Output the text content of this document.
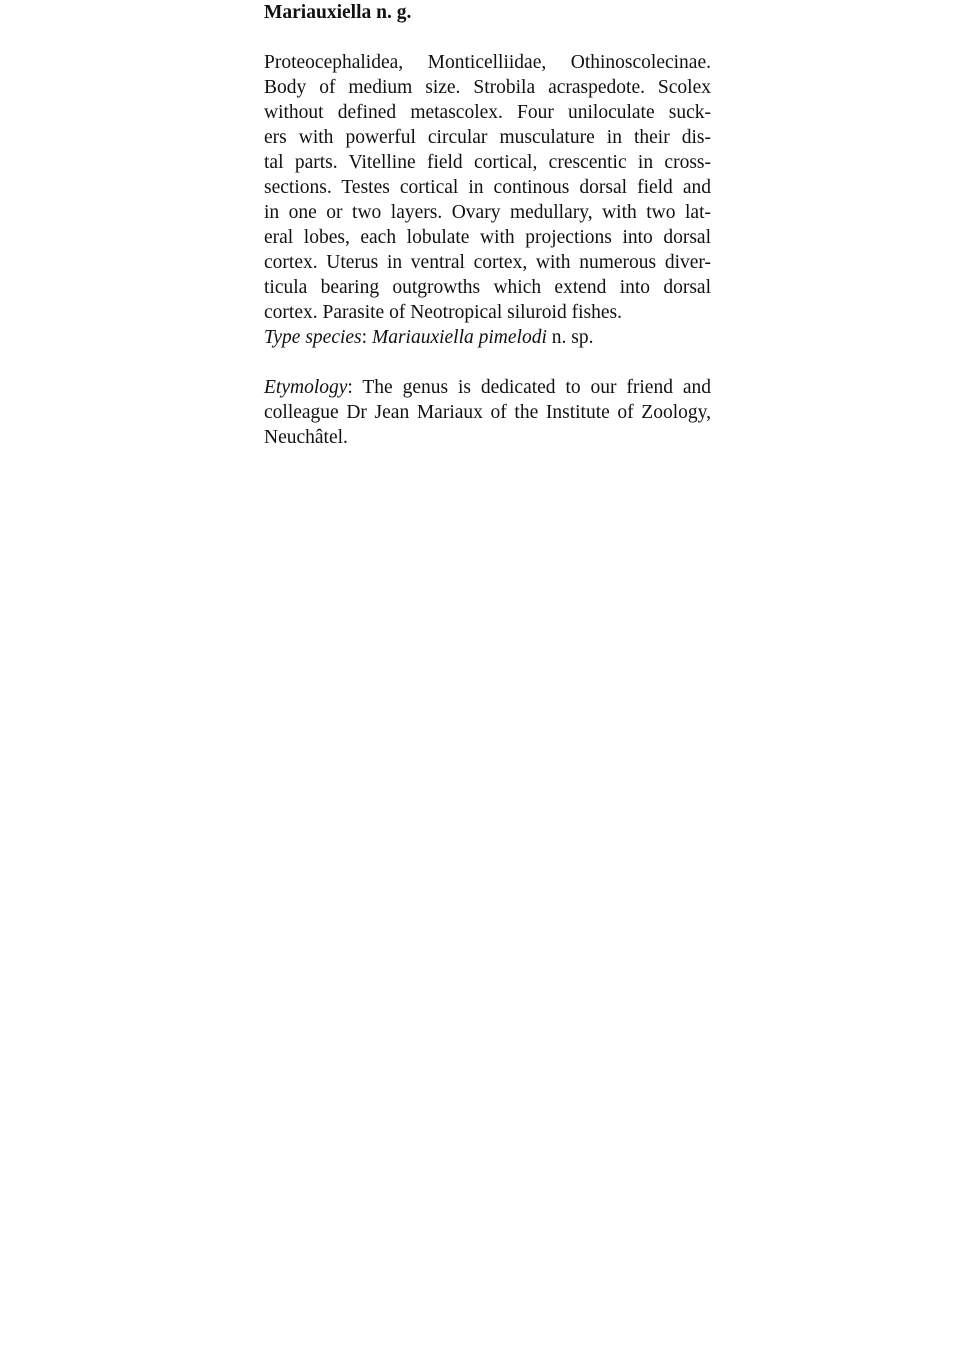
Mariauxiella n. g.

Proteocephalidea, Monticelliidae, Othinoscolecinae.
Body of medium size. Strobila acraspedote. Scolex
without defined metascolex. Four uniloculate suck-
ers with powerful circular musculature in their dis-
tal parts. Vitelline field cortical, crescentic in cross-
sections. Testes cortical in continous dorsal field and
in one or two layers. Ovary medullary, with two lat-
eral lobes, each lobulate with projections into dorsal
cortex. Uterus in ventral cortex, with numerous diver-
ticula bearing outgrowths which extend into dorsal
cortex. Parasite of Neotropical siluroid fishes.
Type species: Mariauxiella pimelodi n. sp.
Etymology: The genus is dedicated to our friend and
colleague Dr Jean Mariaux of the Institute of Zoology,
Neuchâtel.
